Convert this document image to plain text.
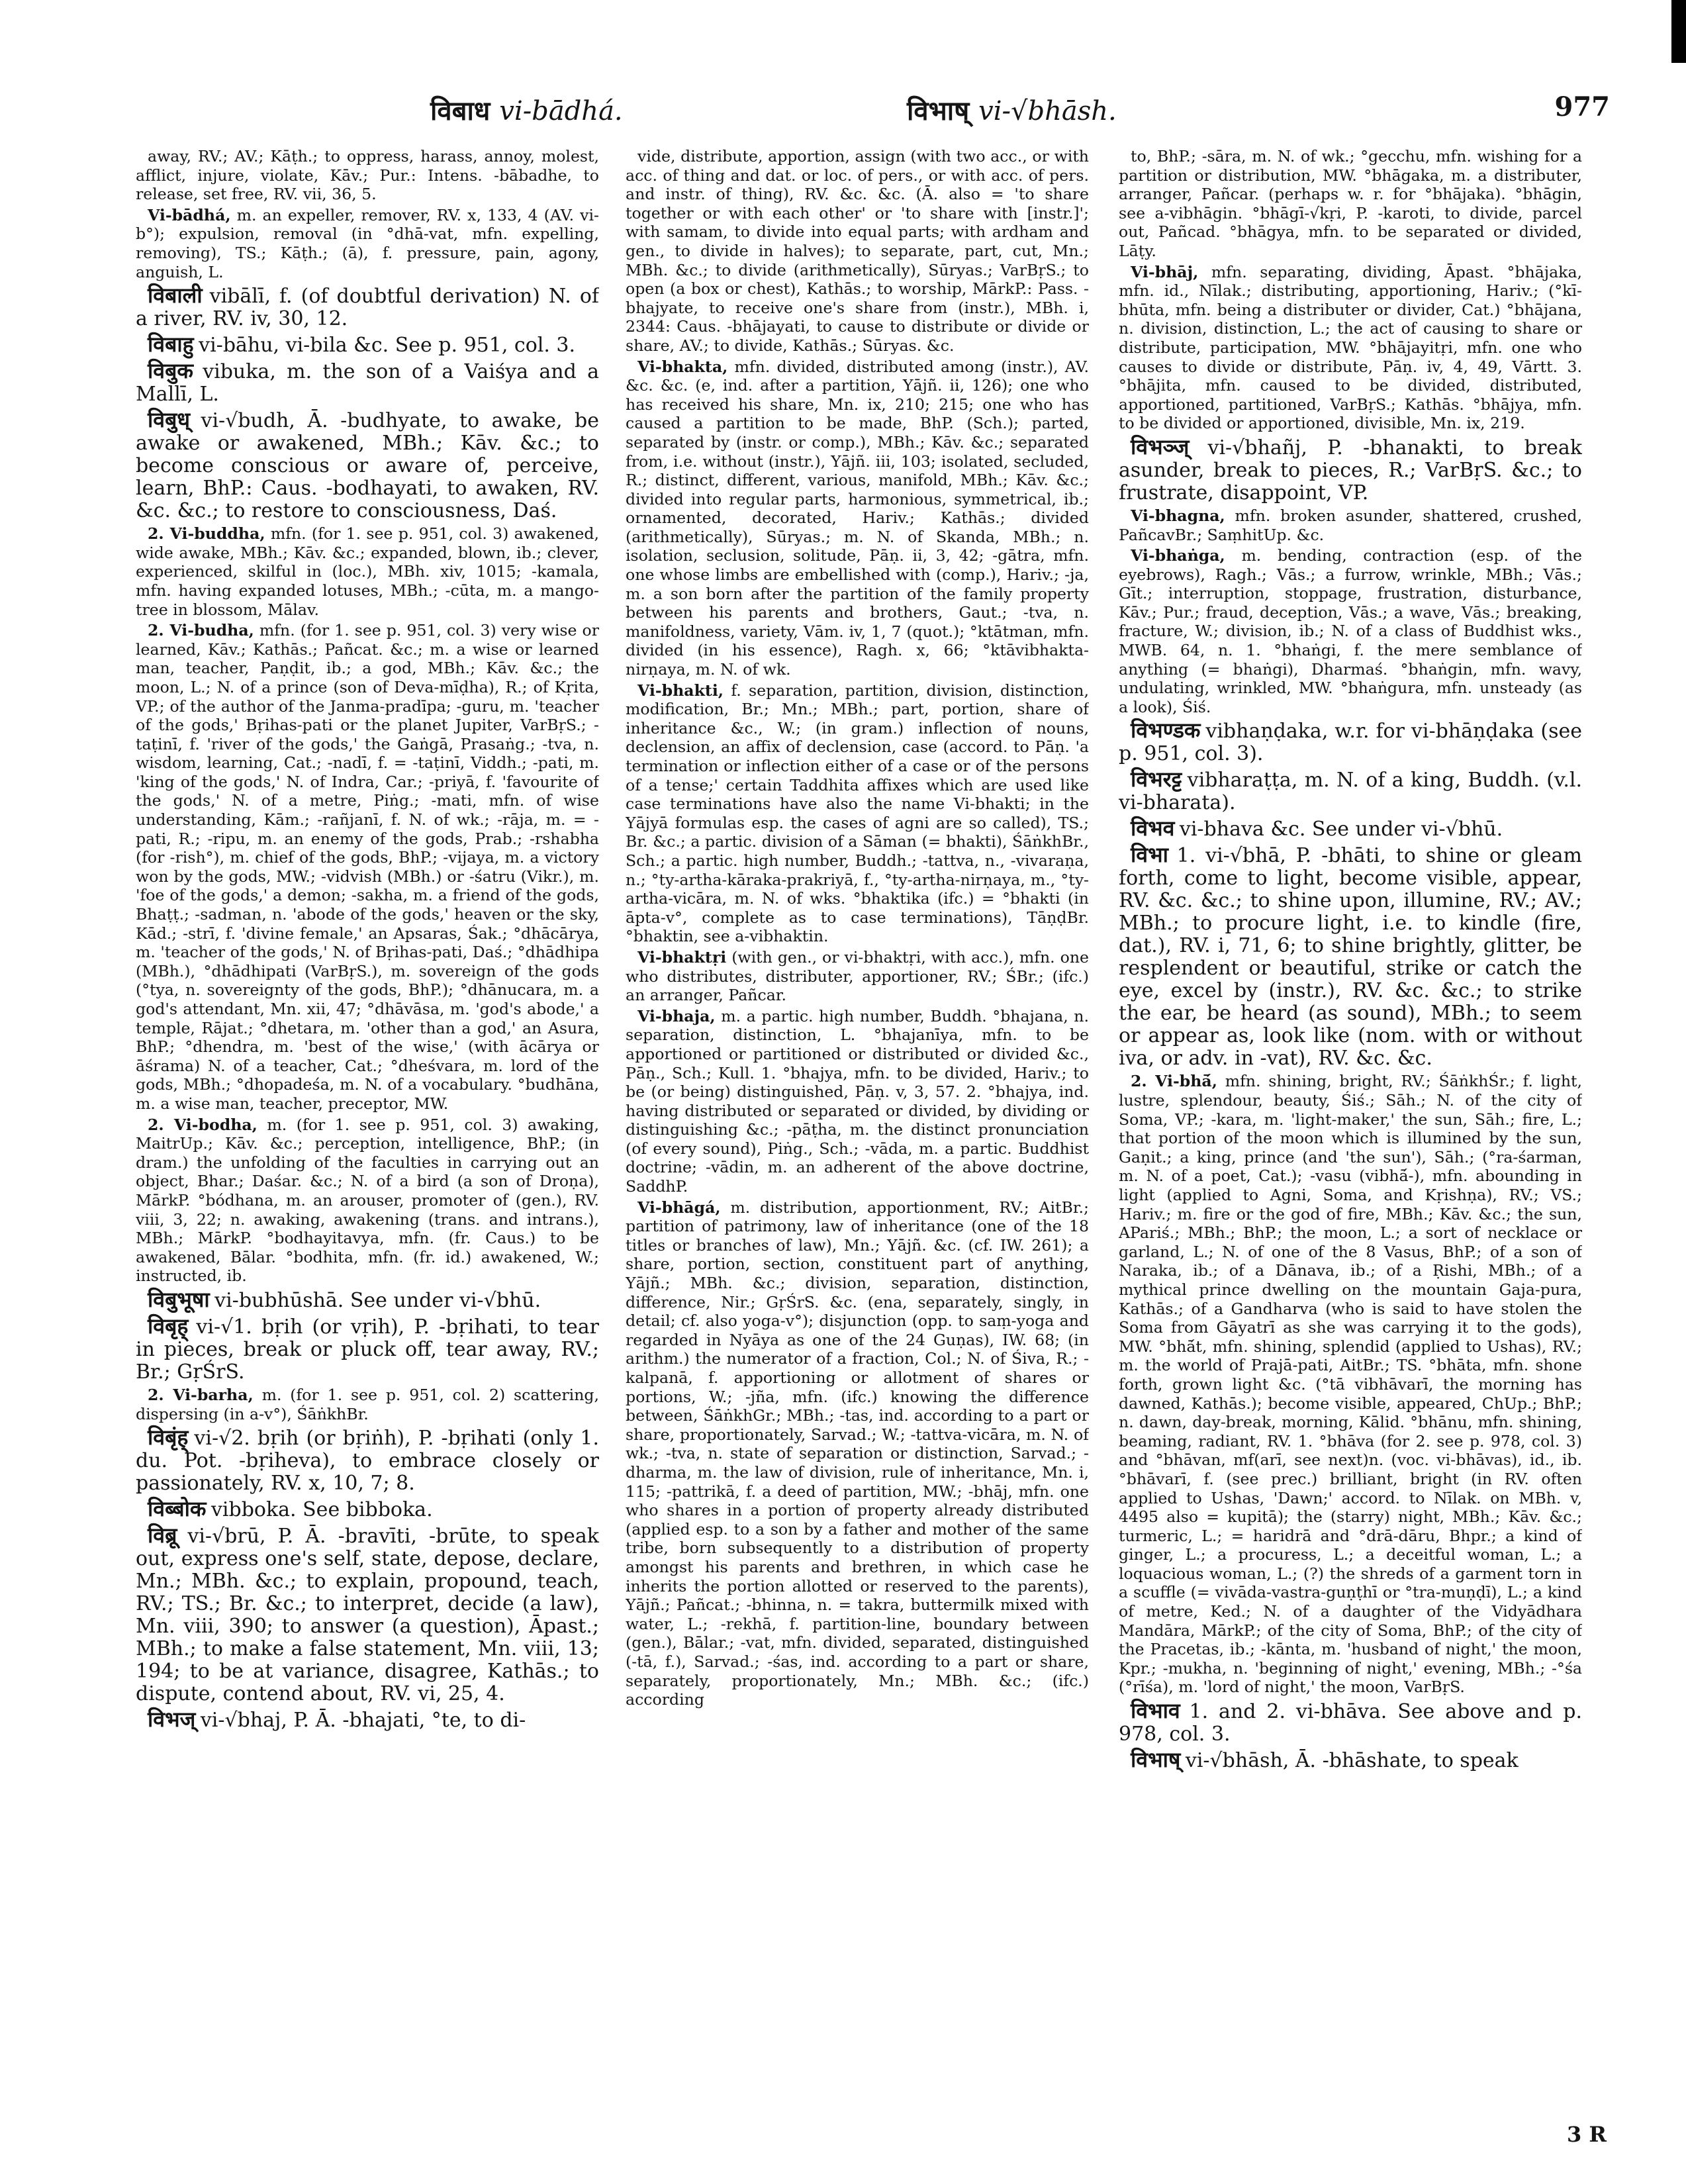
विबाध vi-bādhá.	विभाष् vi-√bhāsh.	977

away, RV.; AV.; Kāṭh.; to oppress, harass, annoy, molest, afflict, injure, violate, Kāv.; Pur.: Intens. -bābadhe, to release, set free, RV. vii, 36, 5.

Vi-bādhá, m. an expeller, remover, RV. x, 133, 4 (AV. vi-b°); expulsion, removal (in °dhā-vat, mfn. expelling, removing), TS.; Kāṭh.; (ā), f. pressure, pain, agony, anguish, L.

विबाली vibālī, f. (of doubtful derivation) N. of a river, RV. iv, 30, 12.

विबाहु vi-bāhu, vi-bila &c. See p. 951, col. 3.

विबुक vibuka, m. the son of a Vaiśya and a Mallī, L.

विबुध् vi-√budh, Ā. -budhyate, to awake, be awake or awakened, MBh.; Kāv. &c.; to become conscious or aware of, perceive, learn, BhP.: Caus. -bodhayati, to awaken, RV. &c. &c.; to restore to consciousness, Daś.

2. Vi-buddha, mfn. (for 1. see p. 951, col. 3) awakened, wide awake, MBh.; Kāv. &c.; expanded, blown, ib.; clever, experienced, skilful in (loc.), MBh. xiv, 1015; -kamala, mfn. having expanded lotuses, MBh.; -cūta, m. a mango-tree in blossom, Mālav.

2. Vi-budha, mfn. (for 1. see p. 951, col. 3) very wise or learned, Kāv.; Kathās.; Pañcat. &c.; m. a wise or learned man, teacher, Paṇḍit, ib.; a god, MBh.; Kāv. &c.; the moon, L.; N. of a prince (son of Deva-mīḍha), R.; of Kṛita, VP.; of the author of the Janma-pradīpa; -guru, m. 'teacher of the gods,' Bṛihas-pati or the planet Jupiter, VarBṛS.; -taṭinī, f. 'river of the gods,' the Gaṅgā, Prasaṅg.; -tva, n. wisdom, learning, Cat.; -nadī, f. = -taṭinī, Viddh.; -pati, m. 'king of the gods,' N. of Indra, Car.; -priyā, f. 'favourite of the gods,' N. of a metre, Piṅg.; -mati, mfn. of wise understanding, Kām.; -rañjanī, f. N. of wk.; -rāja, m. = -pati, R.; -ripu, m. an enemy of the gods, Prab.; -rshabha (for -rish°), m. chief of the gods, BhP.; -vijaya, m. a victory won by the gods, MW.; -vidvish (MBh.) or -śatru (Vikr.), m. 'foe of the gods,' a demon; -sakha, m. a friend of the gods, Bhaṭṭ.; -sadman, n. 'abode of the gods,' heaven or the sky, Kād.; -strī, f. 'divine female,' an Apsaras, Śak.; °dhācārya, m. 'teacher of the gods,' N. of Bṛihas-pati, Daś.; °dhādhipa (MBh.), °dhādhipati (VarBṛS.), m. sovereign of the gods (°tya, n. sovereignty of the gods, BhP.); °dhānucara, m. a god's attendant, Mn. xii, 47; °dhāvāsa, m. 'god's abode,' a temple, Rājat.; °dhetara, m. 'other than a god,' an Asura, BhP.; °dhendra, m. 'best of the wise,' (with ācārya or āśrama) N. of a teacher, Cat.; °dheśvara, m. lord of the gods, MBh.; °dhopadeśa, m. N. of a vocabulary. °budhāna, m. a wise man, teacher, preceptor, MW.

2. Vi-bodha, m. (for 1. see p. 951, col. 3) awaking, MaitrUp.; Kāv. &c.; perception, intelligence, BhP.; (in dram.) the unfolding of the faculties in carrying out an object, Bhar.; Daśar. &c.; N. of a bird (a son of Droṇa), MārkP. °bódhana, m. an arouser, promoter of (gen.), RV. viii, 3, 22; n. awaking, awakening (trans. and intrans.), MBh.; MārkP. °bodhayitavya, mfn. (fr. Caus.) to be awakened, Bālar. °bodhita, mfn. (fr. id.) awakened, W.; instructed, ib.

विबुभूषा vi-bubhūshā. See under vi-√bhū.

विबृह् vi-√1. bṛih (or vṛih), P. -bṛihati, to tear in pieces, break or pluck off, tear away, RV.; Br.; GṛŚrS.

2. Vi-barha, m. (for 1. see p. 951, col. 2) scattering, dispersing (in a-v°), ŚāṅkhBr.

विबृंह् vi-√2. bṛih (or bṛiṅh), P. -bṛihati (only 1. du. Pot. -bṛiheva), to embrace closely or passionately, RV. x, 10, 7; 8.

विब्बोक vibboka. See bibboka.

विब्रू vi-√brū, P. Ā. -bravīti, -brūte, to speak out, express one's self, state, depose, declare, Mn.; MBh. &c.; to explain, propound, teach, RV.; TS.; Br. &c.; to interpret, decide (a law), Mn. viii, 390; to answer (a question), Āpast.; MBh.; to make a false statement, Mn. viii, 13; 194; to be at variance, disagree, Kathās.; to dispute, contend about, RV. vi, 25, 4.

विभज् vi-√bhaj, P. Ā. -bhajati, °te, to di-

vide, distribute, apportion, assign (with two acc., or with acc. of thing and dat. or loc. of pers., or with acc. of pers. and instr. of thing), RV. &c. &c. (Ā. also = 'to share together or with each other' or 'to share with [instr.]'; with samam, to divide into equal parts; with ardham and gen., to divide in halves); to separate, part, cut, Mn.; MBh. &c.; to divide (arithmetically), Sūryas.; VarBṛS.; to open (a box or chest), Kathās.; to worship, MārkP.: Pass. -bhajyate, to receive one's share from (instr.), MBh. i, 2344: Caus. -bhājayati, to cause to distribute or divide or share, AV.; to divide, Kathās.; Sūryas. &c.

Vi-bhakta, mfn. divided, distributed among (instr.), AV. &c. &c. (e, ind. after a partition, Yājñ. ii, 126); one who has received his share, Mn. ix, 210; 215; one who has caused a partition to be made, BhP. (Sch.); parted, separated by (instr. or comp.), MBh.; Kāv. &c.; separated from, i.e. without (instr.), Yājñ. iii, 103; isolated, secluded, R.; distinct, different, various, manifold, MBh.; Kāv. &c.; divided into regular parts, harmonious, symmetrical, ib.; ornamented, decorated, Hariv.; Kathās.; divided (arithmetically), Sūryas.; m. N. of Skanda, MBh.; n. isolation, seclusion, solitude, Pāṇ. ii, 3, 42; -gātra, mfn. one whose limbs are embellished with (comp.), Hariv.; -ja, m. a son born after the partition of the family property between his parents and brothers, Gaut.; -tva, n. manifoldness, variety, Vām. iv, 1, 7 (quot.); °ktātman, mfn. divided (in his essence), Ragh. x, 66; °ktāvibhakta-nirṇaya, m. N. of wk.

Vi-bhakti, f. separation, partition, division, distinction, modification, Br.; Mn.; MBh.; part, portion, share of inheritance &c., W.; (in gram.) inflection of nouns, declension, an affix of declension, case (accord. to Pāṇ. 'a termination or inflection either of a case or of the persons of a tense;' certain Taddhita affixes which are used like case terminations have also the name Vi-bhakti; in the Yājyā formulas esp. the cases of agni are so called), TS.; Br. &c.; a partic. division of a Sāman (= bhakti), ŚāṅkhBr., Sch.; a partic. high number, Buddh.; -tattva, n., -vivaraṇa, n.; °ty-artha-kāraka-prakriyā, f., °ty-artha-nirṇaya, m., °ty-artha-vicāra, m. N. of wks. °bhaktika (ifc.) = °bhakti (in āpta-v°, complete as to case terminations), TāṇḍBr. °bhaktin, see a-vibhaktin.

Vi-bhaktṛi (with gen., or vi-bhaktṛi, with acc.), mfn. one who distributes, distributer, apportioner, RV.; ŚBr.; (ifc.) an arranger, Pañcar.

Vi-bhaja, m. a partic. high number, Buddh. °bhajana, n. separation, distinction, L. °bhajanīya, mfn. to be apportioned or partitioned or distributed or divided &c., Pāṇ., Sch.; Kull. 1. °bhajya, mfn. to be divided, Hariv.; to be (or being) distinguished, Pāṇ. v, 3, 57. 2. °bhajya, ind. having distributed or separated or divided, by dividing or distinguishing &c.; -pāṭha, m. the distinct pronunciation (of every sound), Piṅg., Sch.; -vāda, m. a partic. Buddhist doctrine; -vādin, m. an adherent of the above doctrine, SaddhP.

Vi-bhāgá, m. distribution, apportionment, RV.; AitBr.; partition of patrimony, law of inheritance (one of the 18 titles or branches of law), Mn.; Yājñ. &c. (cf. IW. 261); a share, portion, section, constituent part of anything, Yājñ.; MBh. &c.; division, separation, distinction, difference, Nir.; GṛŚrS. &c. (ena, separately, singly, in detail; cf. also yoga-v°); disjunction (opp. to saṃ-yoga and regarded in Nyāya as one of the 24 Guṇas), IW. 68; (in arithm.) the numerator of a fraction, Col.; N. of Śiva, R.; -kalpanā, f. apportioning or allotment of shares or portions, W.; -jña, mfn. (ifc.) knowing the difference between, ŚāṅkhGr.; MBh.; -tas, ind. according to a part or share, proportionately, Sarvad.; W.; -tattva-vicāra, m. N. of wk.; -tva, n. state of separation or distinction, Sarvad.; -dharma, m. the law of division, rule of inheritance, Mn. i, 115; -pattrikā, f. a deed of partition, MW.; -bhāj, mfn. one who shares in a portion of property already distributed (applied esp. to a son by a father and mother of the same tribe, born subsequently to a distribution of property amongst his parents and brethren, in which case he inherits the portion allotted or reserved to the parents), Yājñ.; Pañcat.; -bhinna, n. = takra, buttermilk mixed with water, L.; -rekhā, f. partition-line, boundary between (gen.), Bālar.; -vat, mfn. divided, separated, distinguished (-tā, f.), Sarvad.; -śas, ind. according to a part or share, separately, proportionately, Mn.; MBh. &c.; (ifc.) according

to, BhP.; -sāra, m. N. of wk.; °gecchu, mfn. wishing for a partition or distribution, MW. °bhāgaka, m. a distributer, arranger, Pañcar. (perhaps w. r. for °bhājaka). °bhāgin, see a-vibhāgin. °bhāgī-√kṛi, P. -karoti, to divide, parcel out, Pañcad. °bhāgya, mfn. to be separated or divided, Lāṭy.

Vi-bhāj, mfn. separating, dividing, Āpast. °bhājaka, mfn. id., Nīlak.; distributing, apportioning, Hariv.; (°kī-bhūta, mfn. being a distributer or divider, Cat.) °bhājana, n. division, distinction, L.; the act of causing to share or distribute, participation, MW. °bhājayitṛi, mfn. one who causes to divide or distribute, Pāṇ. iv, 4, 49, Vārtt. 3. °bhājita, mfn. caused to be divided, distributed, apportioned, partitioned, VarBṛS.; Kathās. °bhājya, mfn. to be divided or apportioned, divisible, Mn. ix, 219.

विभञ्ज् vi-√bhañj, P. -bhanakti, to break asunder, break to pieces, R.; VarBṛS. &c.; to frustrate, disappoint, VP.

Vi-bhagna, mfn. broken asunder, shattered, crushed, PañcavBr.; SaṃhitUp. &c.

Vi-bhaṅga, m. bending, contraction (esp. of the eyebrows), Ragh.; Vās.; a furrow, wrinkle, MBh.; Vās.; Gīt.; interruption, stoppage, frustration, disturbance, Kāv.; Pur.; fraud, deception, Vās.; a wave, Vās.; breaking, fracture, W.; division, ib.; N. of a class of Buddhist wks., MWB. 64, n. 1. °bhaṅgi, f. the mere semblance of anything (= bhaṅgi), Dharmaś. °bhaṅgin, mfn. wavy, undulating, wrinkled, MW. °bhaṅgura, mfn. unsteady (as a look), Śiś.

विभण्डक vibhaṇḍaka, w.r. for vi-bhāṇḍaka (see p. 951, col. 3).

विभरट्ट vibharaṭṭa, m. N. of a king, Buddh. (v.l. vi-bharata).

विभव vi-bhava &c. See under vi-√bhū.

विभा 1. vi-√bhā, P. -bhāti, to shine or gleam forth, come to light, become visible, appear, RV. &c. &c.; to shine upon, illumine, RV.; AV.; MBh.; to procure light, i.e. to kindle (fire, dat.), RV. i, 71, 6; to shine brightly, glitter, be resplendent or beautiful, strike or catch the eye, excel by (instr.), RV. &c. &c.; to strike the ear, be heard (as sound), MBh.; to seem or appear as, look like (nom. with or without iva, or adv. in -vat), RV. &c. &c.

2. Vi-bhā́, mfn. shining, bright, RV.; ŚāṅkhŚr.; f. light, lustre, splendour, beauty, Śiś.; Sāh.; N. of the city of Soma, VP.; -kara, m. 'light-maker,' the sun, Sāh.; fire, L.; that portion of the moon which is illumined by the sun, Gaṇit.; a king, prince (and 'the sun'), Sāh.; (°ra-śarman, m. N. of a poet, Cat.); -vasu (vibhā́-), mfn. abounding in light (applied to Agni, Soma, and Kṛishṇa), RV.; VS.; Hariv.; m. fire or the god of fire, MBh.; Kāv. &c.; the sun, APariś.; MBh.; BhP.; the moon, L.; a sort of necklace or garland, L.; N. of one of the 8 Vasus, BhP.; of a son of Naraka, ib.; of a Dānava, ib.; of a Ṛishi, MBh.; of a mythical prince dwelling on the mountain Gaja-pura, Kathās.; of a Gandharva (who is said to have stolen the Soma from Gāyatrī as she was carrying it to the gods), MW. °bhā́t, mfn. shining, splendid (applied to Ushas), RV.; m. the world of Prajā-pati, AitBr.; TS. °bhāta, mfn. shone forth, grown light &c. (°tā vibhāvarī, the morning has dawned, Kathās.); become visible, appeared, ChUp.; BhP.; n. dawn, day-break, morning, Kālid. °bhānu, mfn. shining, beaming, radiant, RV. 1. °bhāva (for 2. see p. 978, col. 3) and °bhāvan, mf(arī, see next)n. (voc. vi-bhāvas), id., ib. °bhāvarī, f. (see prec.) brilliant, bright (in RV. often applied to Ushas, 'Dawn;' accord. to Nīlak. on MBh. v, 4495 also = kupitā); the (starry) night, MBh.; Kāv. &c.; turmeric, L.; = haridrā and °drā-dāru, Bhpr.; a kind of ginger, L.; a procuress, L.; a deceitful woman, L.; a loquacious woman, L.; (?) the shreds of a garment torn in a scuffle (= vivāda-vastra-guṇṭhī or °tra-muṇḍī), L.; a kind of metre, Ked.; N. of a daughter of the Vidyādhara Mandāra, MārkP.; of the city of Soma, BhP.; of the city of the Pracetas, ib.; -kānta, m. 'husband of night,' the moon, Kpr.; -mukha, n. 'beginning of night,' evening, MBh.; -°śa (°rīśa), m. 'lord of night,' the moon, VarBṛS.

विभाव 1. and 2. vi-bhāva. See above and p. 978, col. 3.

विभाष् vi-√bhāsh, Ā. -bhāshate, to speak

3 R
